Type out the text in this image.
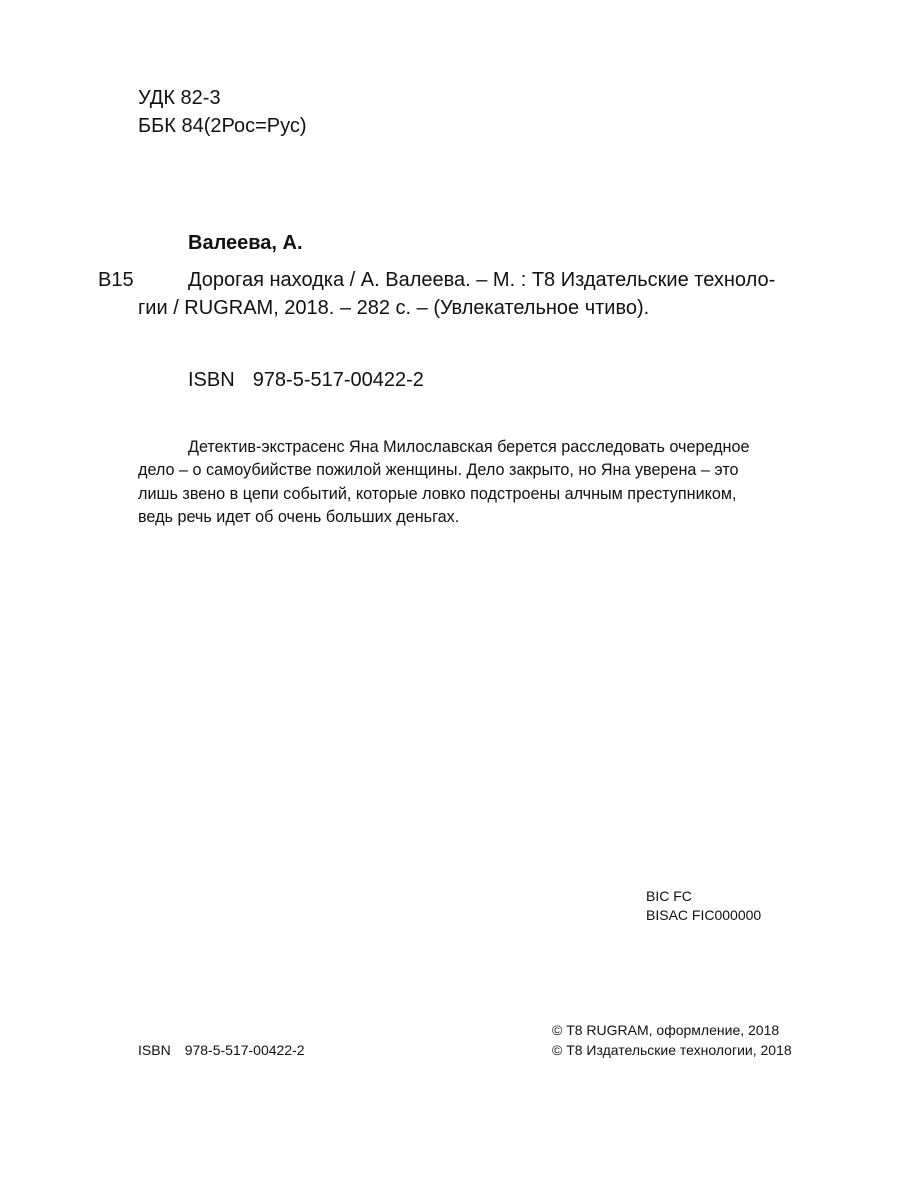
УДК 82-3
ББК 84(2Рос=Рус)
Валеева, А.
В15	Дорогая находка / А. Валеева. – М. : Т8 Издательские техноло-
гии / RUGRAM, 2018. – 282 с. – (Увлекательное чтиво).
ISBN 978-5-517-00422-2
Детектив-экстрасенс Яна Милославская берется расследовать очередное
дело – о самоубийстве пожилой женщины. Дело закрыто, но Яна уверена – это
лишь звено в цепи событий, которые ловко подстроены алчным преступником,
ведь речь идет об очень больших деньгах.
BIC FC
BISAC FIC000000
© Т8 RUGRAM, оформление, 2018
© Т8 Издательские технологии, 2018
ISBN 978-5-517-00422-2
